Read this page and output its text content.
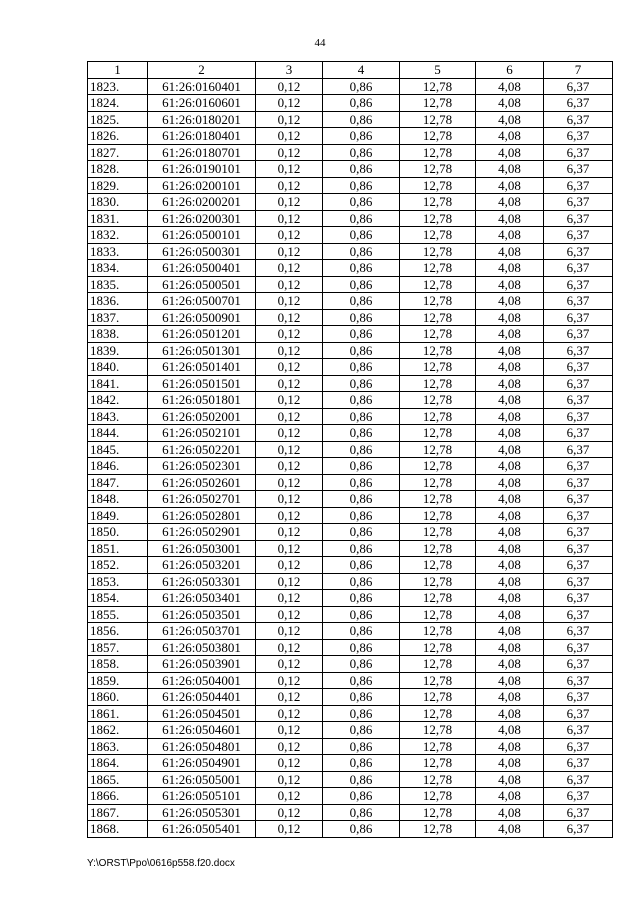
44
1	2	3	4	5	6	7
1823.	61:26:0160401	0,12	0,86	12,78	4,08	6,37
1824.	61:26:0160601	0,12	0,86	12,78	4,08	6,37
1825.	61:26:0180201	0,12	0,86	12,78	4,08	6,37
1826.	61:26:0180401	0,12	0,86	12,78	4,08	6,37
1827.	61:26:0180701	0,12	0,86	12,78	4,08	6,37
1828.	61:26:0190101	0,12	0,86	12,78	4,08	6,37
1829.	61:26:0200101	0,12	0,86	12,78	4,08	6,37
1830.	61:26:0200201	0,12	0,86	12,78	4,08	6,37
1831.	61:26:0200301	0,12	0,86	12,78	4,08	6,37
1832.	61:26:0500101	0,12	0,86	12,78	4,08	6,37
1833.	61:26:0500301	0,12	0,86	12,78	4,08	6,37
1834.	61:26:0500401	0,12	0,86	12,78	4,08	6,37
1835.	61:26:0500501	0,12	0,86	12,78	4,08	6,37
1836.	61:26:0500701	0,12	0,86	12,78	4,08	6,37
1837.	61:26:0500901	0,12	0,86	12,78	4,08	6,37
1838.	61:26:0501201	0,12	0,86	12,78	4,08	6,37
1839.	61:26:0501301	0,12	0,86	12,78	4,08	6,37
1840.	61:26:0501401	0,12	0,86	12,78	4,08	6,37
1841.	61:26:0501501	0,12	0,86	12,78	4,08	6,37
1842.	61:26:0501801	0,12	0,86	12,78	4,08	6,37
1843.	61:26:0502001	0,12	0,86	12,78	4,08	6,37
1844.	61:26:0502101	0,12	0,86	12,78	4,08	6,37
1845.	61:26:0502201	0,12	0,86	12,78	4,08	6,37
1846.	61:26:0502301	0,12	0,86	12,78	4,08	6,37
1847.	61:26:0502601	0,12	0,86	12,78	4,08	6,37
1848.	61:26:0502701	0,12	0,86	12,78	4,08	6,37
1849.	61:26:0502801	0,12	0,86	12,78	4,08	6,37
1850.	61:26:0502901	0,12	0,86	12,78	4,08	6,37
1851.	61:26:0503001	0,12	0,86	12,78	4,08	6,37
1852.	61:26:0503201	0,12	0,86	12,78	4,08	6,37
1853.	61:26:0503301	0,12	0,86	12,78	4,08	6,37
1854.	61:26:0503401	0,12	0,86	12,78	4,08	6,37
1855.	61:26:0503501	0,12	0,86	12,78	4,08	6,37
1856.	61:26:0503701	0,12	0,86	12,78	4,08	6,37
1857.	61:26:0503801	0,12	0,86	12,78	4,08	6,37
1858.	61:26:0503901	0,12	0,86	12,78	4,08	6,37
1859.	61:26:0504001	0,12	0,86	12,78	4,08	6,37
1860.	61:26:0504401	0,12	0,86	12,78	4,08	6,37
1861.	61:26:0504501	0,12	0,86	12,78	4,08	6,37
1862.	61:26:0504601	0,12	0,86	12,78	4,08	6,37
1863.	61:26:0504801	0,12	0,86	12,78	4,08	6,37
1864.	61:26:0504901	0,12	0,86	12,78	4,08	6,37
1865.	61:26:0505001	0,12	0,86	12,78	4,08	6,37
1866.	61:26:0505101	0,12	0,86	12,78	4,08	6,37
1867.	61:26:0505301	0,12	0,86	12,78	4,08	6,37
1868.	61:26:0505401	0,12	0,86	12,78	4,08	6,37
Y:\ORST\Ppo\0616p558.f20.docx
